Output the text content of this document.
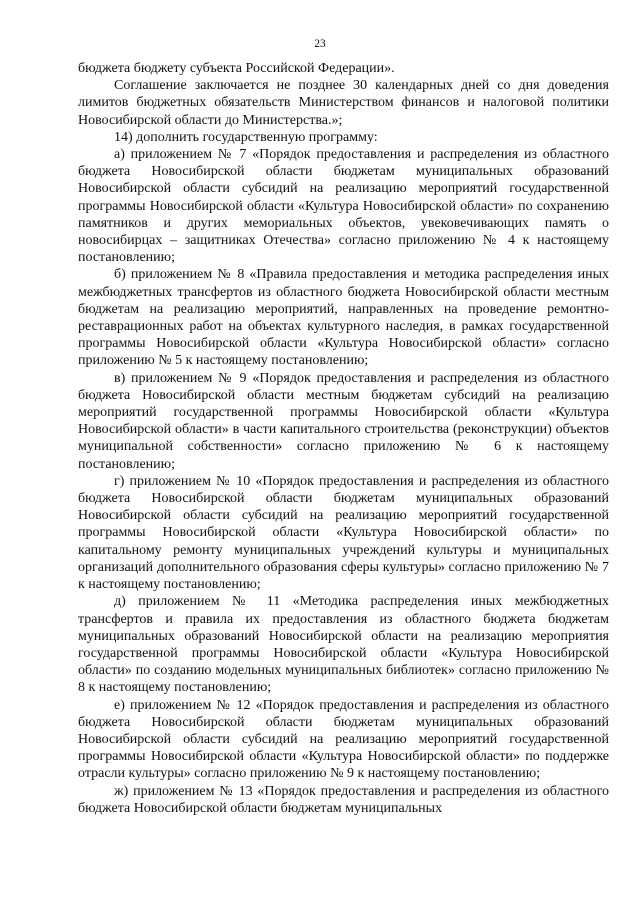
23

бюджета бюджету субъекта Российской Федерации».

Соглашение заключается не позднее 30 календарных дней со дня доведения лимитов бюджетных обязательств Министерством финансов и налоговой политики Новосибирской области до Министерства.»;

14) дополнить государственную программу:

а) приложением № 7 «Порядок предоставления и распределения из областного бюджета Новосибирской области бюджетам муниципальных образований Новосибирской области субсидий на реализацию мероприятий государственной программы Новосибирской области «Культура Новосибирской области» по сохранению памятников и других мемориальных объектов, увековечивающих память о новосибирцах – защитниках Отечества» согласно приложению № 4 к настоящему постановлению;

б) приложением № 8 «Правила предоставления и методика распределения иных межбюджетных трансфертов из областного бюджета Новосибирской области местным бюджетам на реализацию мероприятий, направленных на проведение ремонтно-реставрационных работ на объектах культурного наследия, в рамках государственной программы Новосибирской области «Культура Новосибирской области» согласно приложению № 5 к настоящему постановлению;

в) приложением № 9 «Порядок предоставления и распределения из областного бюджета Новосибирской области местным бюджетам субсидий на реализацию мероприятий государственной программы Новосибирской области «Культура Новосибирской области» в части капитального строительства (реконструкции) объектов муниципальной собственности» согласно приложению № 6 к настоящему постановлению;

г) приложением № 10 «Порядок предоставления и распределения из областного бюджета Новосибирской области бюджетам муниципальных образований Новосибирской области субсидий на реализацию мероприятий государственной программы Новосибирской области «Культура Новосибирской области» по капитальному ремонту муниципальных учреждений культуры и муниципальных организаций дополнительного образования сферы культуры» согласно приложению № 7 к настоящему постановлению;

д) приложением № 11 «Методика распределения иных межбюджетных трансфертов и правила их предоставления из областного бюджета бюджетам муниципальных образований Новосибирской области на реализацию мероприятия государственной программы Новосибирской области «Культура Новосибирской области» по созданию модельных муниципальных библиотек» согласно приложению № 8 к настоящему постановлению;

е) приложением № 12 «Порядок предоставления и распределения из областного бюджета Новосибирской области бюджетам муниципальных образований Новосибирской области субсидий на реализацию мероприятий государственной программы Новосибирской области «Культура Новосибирской области» по поддержке отрасли культуры» согласно приложению № 9 к настоящему постановлению;

ж) приложением № 13 «Порядок предоставления и распределения из областного бюджета Новосибирской области бюджетам муниципальных
